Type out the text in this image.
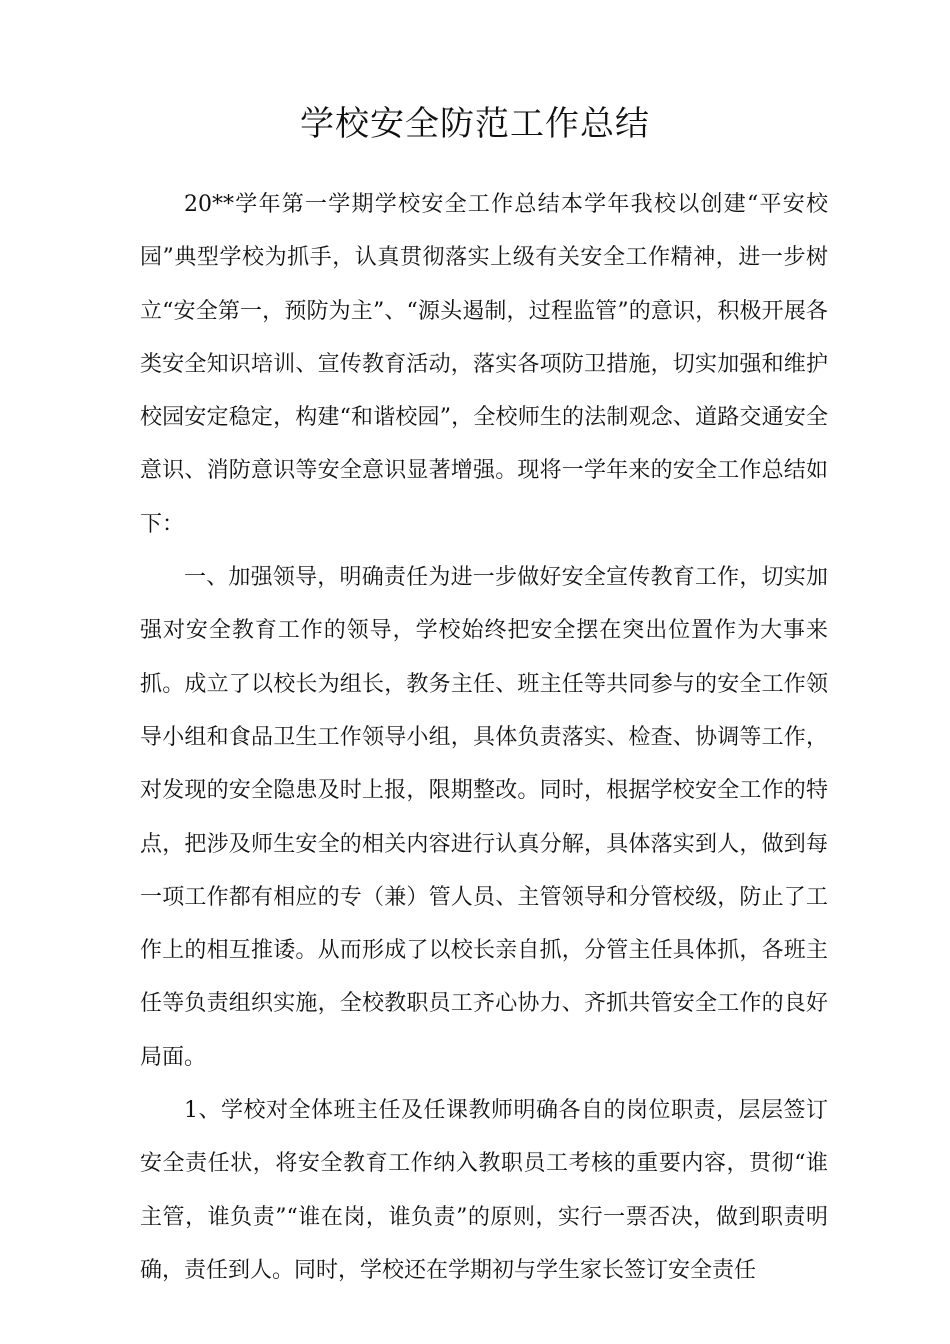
学校安全防范工作总结

20**学年第一学期学校安全工作总结本学年我校以创建“平安校园”典型学校为抓手，认真贯彻落实上级有关安全工作精神，进一步树立“安全第一，预防为主”、“源头遏制，过程监管”的意识，积极开展各类安全知识培训、宣传教育活动，落实各项防卫措施，切实加强和维护校园安定稳定，构建“和谐校园”，全校师生的法制观念、道路交通安全意识、消防意识等安全意识显著增强。现将一学年来的安全工作总结如下：

一、加强领导，明确责任为进一步做好安全宣传教育工作，切实加强对安全教育工作的领导，学校始终把安全摆在突出位置作为大事来抓。成立了以校长为组长，教务主任、班主任等共同参与的安全工作领导小组和食品卫生工作领导小组，具体负责落实、检查、协调等工作，对发现的安全隐患及时上报，限期整改。同时，根据学校安全工作的特点，把涉及师生安全的相关内容进行认真分解，具体落实到人，做到每一项工作都有相应的专（兼）管人员、主管领导和分管校级，防止了工作上的相互推诿。从而形成了以校长亲自抓，分管主任具体抓，各班主任等负责组织实施，全校教职员工齐心协力、齐抓共管安全工作的良好局面。

1、学校对全体班主任及任课教师明确各自的岗位职责，层层签订安全责任状，将安全教育工作纳入教职员工考核的重要内容，贯彻“谁主管，谁负责”“谁在岗，谁负责”的原则，实行一票否决，做到职责明确，责任到人。同时，学校还在学期初与学生家长签订安全责任
